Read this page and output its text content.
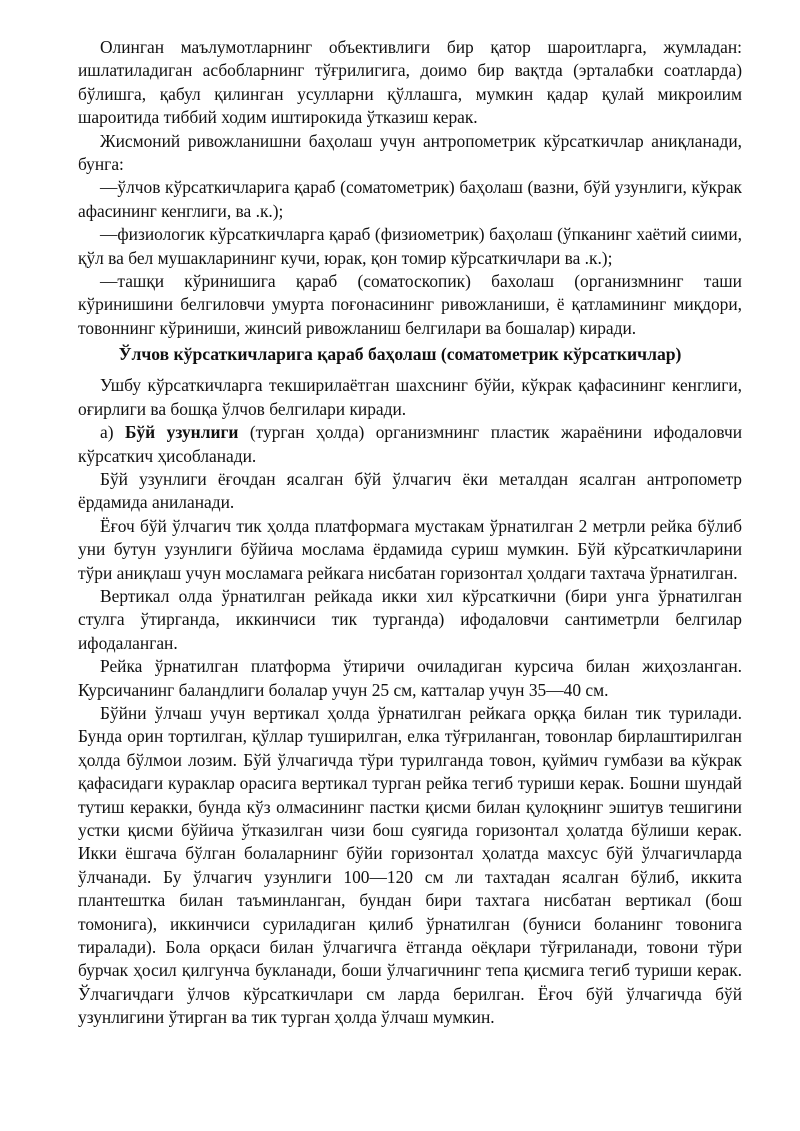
Олинган маълумотларнинг объективлиги бир қатор шароитларга, жумладан: ишлатиладиган асбобларнинг тўғрилигига, доимо бир вақтда (эрталабки соатларда) бўлишга, қабул қилинган усулларни қўллашга, мумкин қадар қулай микроилим шароитида тиббий ходим иштирокида ўтказиш керак.

Жисмоний ривожланишни баҳолаш учун антропометрик кўрсаткичлар аниқланади, бунга:

—ўлчов кўрсаткичларига қараб (соматометрик) баҳолаш (вазни, бўй узунлиги, кўкрак афасининг кенглиги, ва .к.);

—физиологик кўрсаткичларга қараб (физиометрик) баҳолаш (ўпканинг хаётий сиими, қўл ва бел мушакларининг кучи, юрак, қон томир кўрсаткичлари ва .к.);

—ташқи кўринишига қараб (соматоскопик) бахолаш (организмнинг таши кўринишини белгиловчи умурта поғонасининг ривожланиши, ё қатламининг миқдори, товоннинг кўриниши, жинсий ривожланиш белгилари ва бошалар) киради.

Ўлчов кўрсаткичларига қараб баҳолаш (соматометрик кўрсаткичлар)

Ушбу кўрсаткичларга текширилаётган шахснинг бўйи, кўкрак қафасининг кенглиги, оғирлиги ва бошқа ўлчов белгилари киради.

а) Бўй узунлиги (турган ҳолда) организмнинг пластик жараёнини ифодаловчи кўрсаткич ҳисобланади.

Бўй узунлиги ёғочдан ясалган бўй ўлчагич ёки металдан ясалган антропометр ёрдамида аниланади.

Ёғоч бўй ўлчагич тик ҳолда платформага мустакам ўрнатилган 2 метрли рейка бўлиб уни бутун узунлиги бўйича мослама ёрдамида суриш мумкин. Бўй кўрсаткичларини тўри аниқлаш учун мосламага рейкага нисбатан горизонтал ҳолдаги тахтача ўрнатилган.

Вертикал олда ўрнатилган рейкада икки хил кўрсаткични (бири унга ўрнатилган стулга ўтирганда, иккинчиси тик турганда) ифодаловчи сантиметрли белгилар ифодаланган.

Рейка ўрнатилган платформа ўтиричи очиладиган курсича билан жиҳозланган. Курсичанинг баландлиги болалар учун 25 см, катталар учун 35—40 см.

Бўйни ўлчаш учун вертикал ҳолда ўрнатилган рейкага орққа билан тик турилади. Бунда орин тортилган, қўллар туширилган, елка тўғриланган, товонлар бирлаштирилган ҳолда бўлмои лозим. Бўй ўлчагичда тўри турилганда товон, қуймич гумбази ва кўкрак қафасидаги кураклар орасига вертикал турган рейка тегиб туриши керак. Бошни шундай тутиш керакки, бунда кўз олмасининг пастки қисми билан қулоқнинг эшитув тешигини устки қисми бўйича ўтказилган чизи бош суягида горизонтал ҳолатда бўлиши керак. Икки ёшгача бўлган болаларнинг бўйи горизонтал ҳолатда махсус бўй ўлчагичларда ўлчанади. Бу ўлчагич узунлиги 100—120 см ли тахтадан ясалган бўлиб, иккита плантештка билан таъминланган, бундан бири тахтага нисбатан вертикал (бош томонига), иккинчиси суриладиган қилиб ўрнатилган (буниси боланинг товонига тиралади). Бола орқаси билан ўлчагичга ётганда оёқлари тўғриланади, товони тўри бурчак ҳосил қилгунча букланади, боши ўлчагичнинг тепа қисмига тегиб туриши керак. Ўлчагичдаги ўлчов кўрсаткичлари см ларда берилган. Ёғоч бўй ўлчагичда бўй узунлигини ўтирган ва тик турган ҳолда ўлчаш мумкин.
